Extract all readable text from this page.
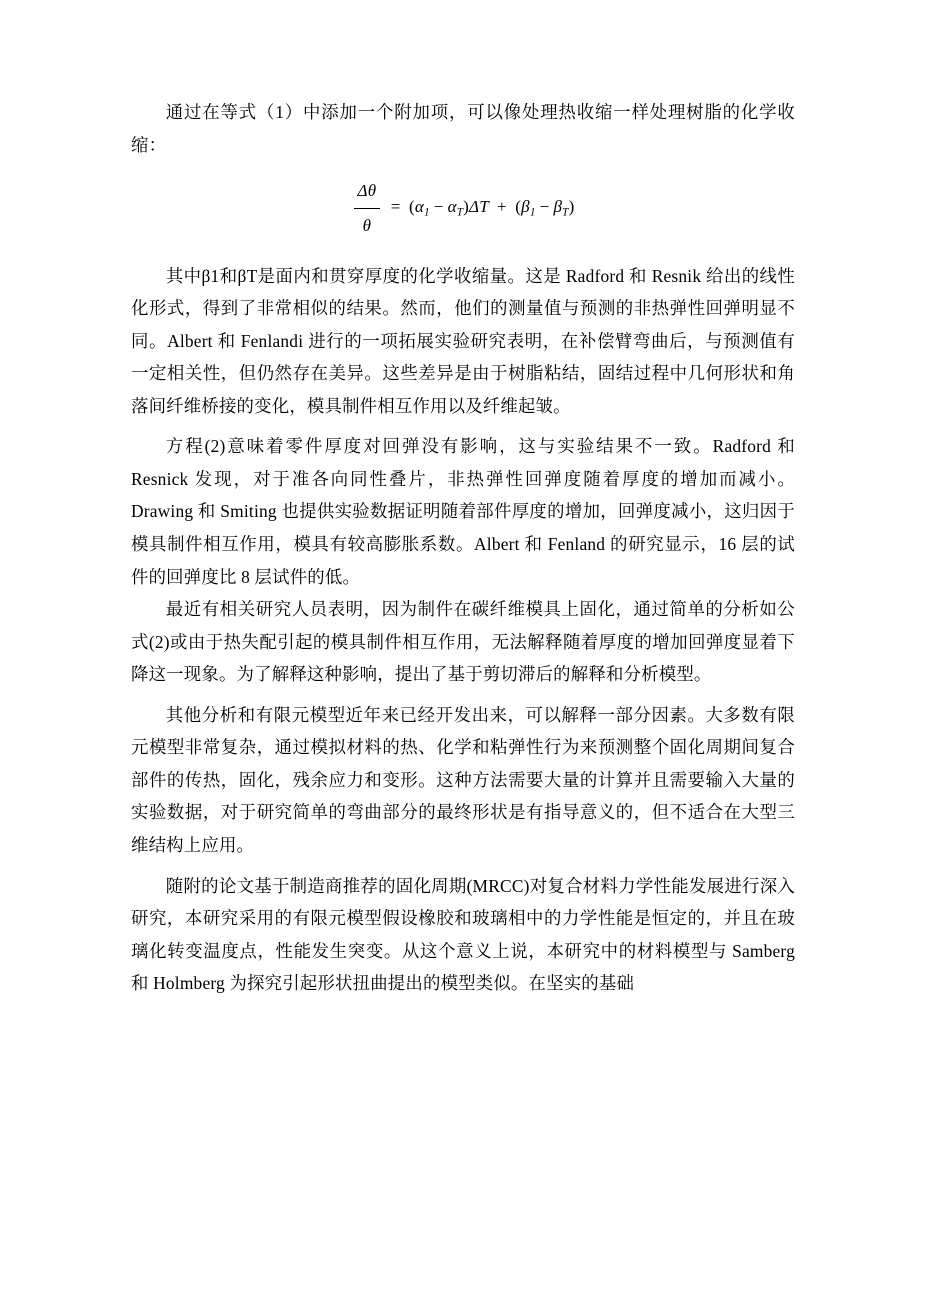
通过在等式（1）中添加一个附加项，可以像处理热收缩一样处理树脂的化学收缩：

$\frac{\Delta\theta}{\theta} = (\alpha_1 - \alpha_T)\Delta T + (\beta_1 - \beta_T)$

其中β1和βT是面内和贯穿厚度的化学收缩量。这是 Radford 和 Resnik 给出的线性化形式，得到了非常相似的结果。然而，他们的测量值与预测的非热弹性回弹明显不同。Albert 和 Fenlandi 进行的一项拓展实验研究表明，在补偿臂弯曲后，与预测值有一定相关性，但仍然存在美异。这些差异是由于树脂粘结，固结过程中几何形状和角落间纤维桥接的变化，模具制件相互作用以及纤维起皱。

方程(2)意味着零件厚度对回弹没有影响，这与实验结果不一致。Radford 和 Resnick 发现，对于准各向同性叠片，非热弹性回弹度随着厚度的增加而减小。Drawing 和 Smiting 也提供实验数据证明随着部件厚度的增加，回弹度减小，这归因于模具制件相互作用，模具有较高膨胀系数。Albert 和 Fenland 的研究显示，16 层的试件的回弹度比 8 层试件的低。

最近有相关研究人员表明，因为制件在碳纤维模具上固化，通过简单的分析如公式(2)或由于热失配引起的模具制件相互作用，无法解释随着厚度的增加回弹度显着下降这一现象。为了解释这种影响，提出了基于剪切滞后的解释和分析模型。

其他分析和有限元模型近年来已经开发出来，可以解释一部分因素。大多数有限元模型非常复杂，通过模拟材料的热、化学和粘弹性行为来预测整个固化周期间复合部件的传热，固化，残余应力和变形。这种方法需要大量的计算并且需要输入大量的实验数据，对于研究简单的弯曲部分的最终形状是有指导意义的，但不适合在大型三维结构上应用。

随附的论文基于制造商推荐的固化周期(MRCC)对复合材料力学性能发展进行深入研究，本研究采用的有限元模型假设橡胶和玻璃相中的力学性能是恒定的，并且在玻璃化转变温度点，性能发生突变。从这个意义上说，本研究中的材料模型与 Samberg 和 Holmberg 为探究引起形状扭曲提出的模型类似。在坚实的基础
